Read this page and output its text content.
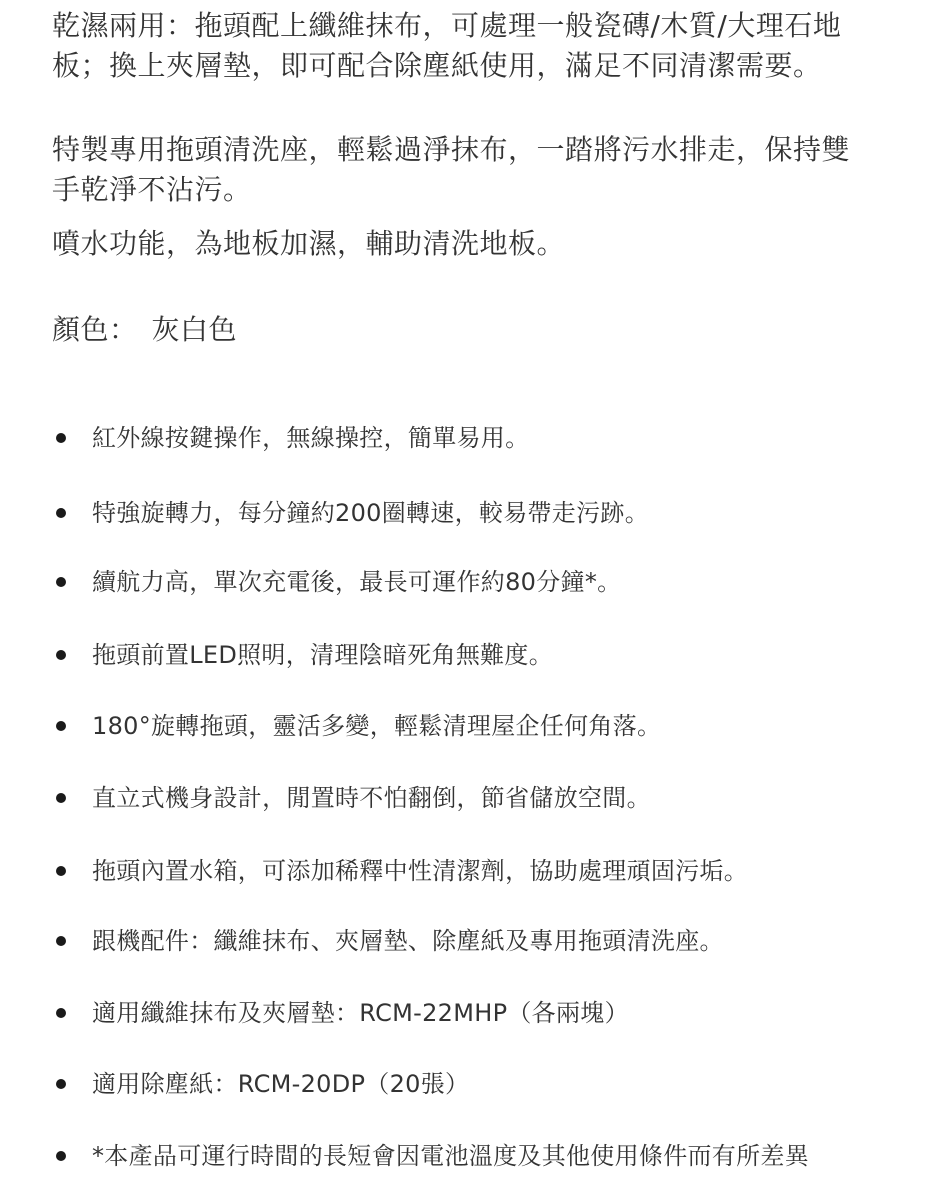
乾濕兩用：拖頭配上纖維抹布，可處理一般瓷磚/木質/大理石地板；換上夾層墊，即可配合除塵紙使用，滿足不同清潔需要。

特製專用拖頭清洗座，輕鬆過淨抹布，一踏將污水排走，保持雙手乾淨不沾污。

噴水功能，為地板加濕，輔助清洗地板。

顏色： 灰白色
紅外線按鍵操作，無線操控，簡單易用。
特強旋轉力，每分鐘約200圈轉速，較易帶走污跡。
續航力高，單次充電後，最長可運作約80分鐘*。
拖頭前置LED照明，清理陰暗死角無難度。
180°旋轉拖頭，靈活多變，輕鬆清理屋企任何角落。
直立式機身設計，閒置時不怕翻倒，節省儲放空間。
拖頭內置水箱，可添加稀釋中性清潔劑，協助處理頑固污垢。
跟機配件：纖維抹布、夾層墊、除塵紙及專用拖頭清洗座。
適用纖維抹布及夾層墊：RCM-22MHP（各兩塊）
適用除塵紙：RCM-20DP（20張）
*本產品可運行時間的長短會因電池溫度及其他使用條件而有所差異
